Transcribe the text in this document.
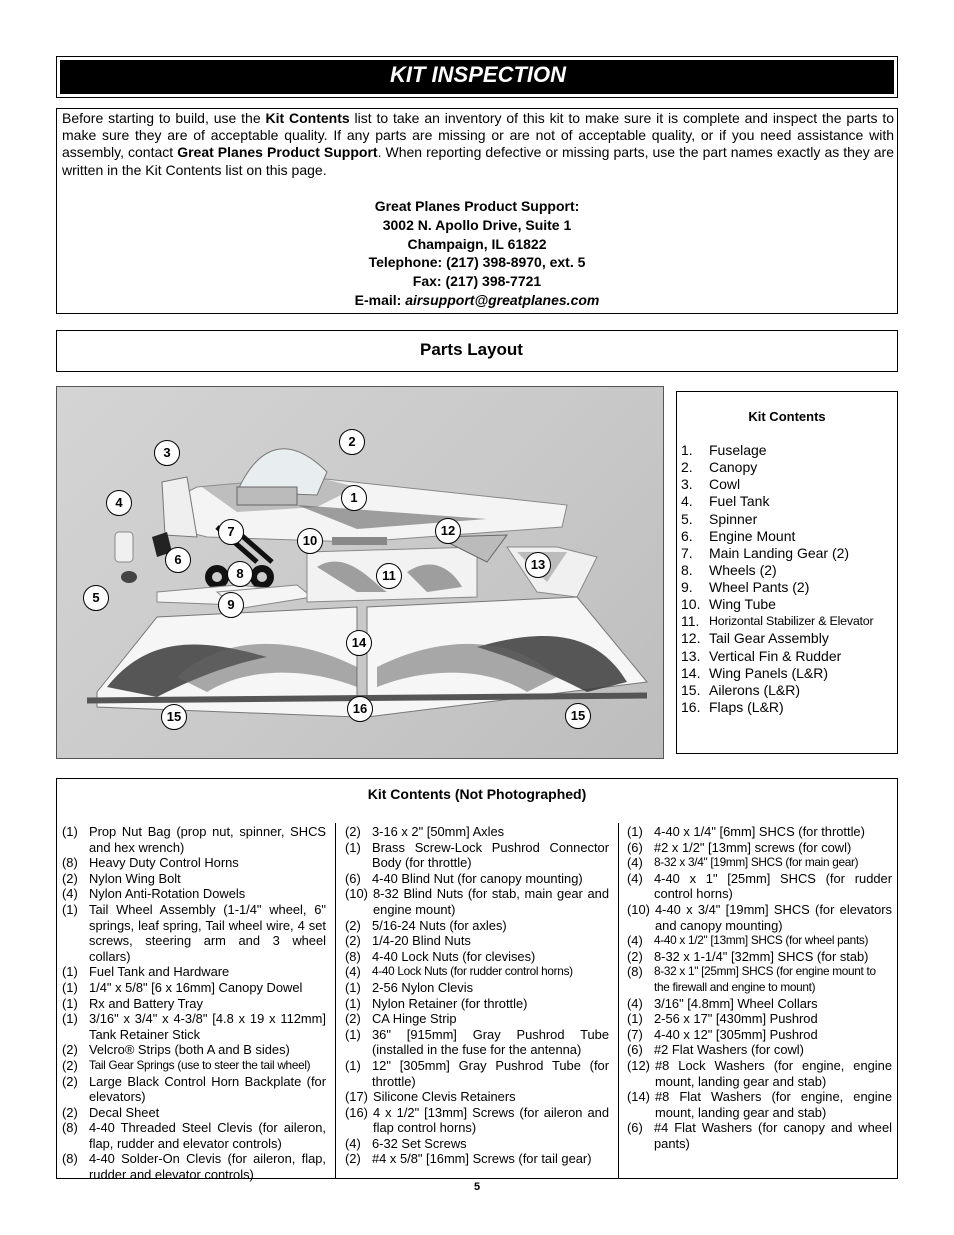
KIT INSPECTION
Before starting to build, use the Kit Contents list to take an inventory of this kit to make sure it is complete and inspect the parts to make sure they are of acceptable quality. If any parts are missing or are not of acceptable quality, or if you need assistance with assembly, contact Great Planes Product Support. When reporting defective or missing parts, use the part names exactly as they are written in the Kit Contents list on this page.
Great Planes Product Support:
3002 N. Apollo Drive, Suite 1
Champaign, IL 61822
Telephone: (217) 398-8970, ext. 5
Fax: (217) 398-7721
E-mail: airsupport@greatplanes.com
Parts Layout
2
3
1
4
7	12
10
6	13
8	11
5	9
14
16
15	15
Kit Contents
1. Fuselage
2. Canopy
3. Cowl
4. Fuel Tank
5. Spinner
6. Engine Mount
7. Main Landing Gear (2)
8. Wheels (2)
9. Wheel Pants (2)
10. Wing Tube
11. Horizontal Stabilizer & Elevator
12. Tail Gear Assembly
13. Vertical Fin & Rudder
14. Wing Panels (L&R)
15. Ailerons (L&R)
16. Flaps (L&R)
Kit Contents (Not Photographed)
(1) Prop Nut Bag (prop nut, spinner, SHCS and hex wrench)
(8) Heavy Duty Control Horns
(2) Nylon Wing Bolt
(4) Nylon Anti-Rotation Dowels
(1) Tail Wheel Assembly (1-1/4" wheel, 6" springs, leaf spring, Tail wheel wire, 4 set screws, steering arm and 3 wheel collars)
(1) Fuel Tank and Hardware
(1) 1/4" x 5/8" [6 x 16mm] Canopy Dowel
(1) Rx and Battery Tray
(1) 3/16" x 3/4" x 4-3/8" [4.8 x 19 x 112mm] Tank Retainer Stick
(2) Velcro® Strips (both A and B sides)
(2) Tail Gear Springs (use to steer the tail wheel)
(2) Large Black Control Horn Backplate (for elevators)
(2) Decal Sheet
(8) 4-40 Threaded Steel Clevis (for aileron, flap, rudder and elevator controls)
(8) 4-40 Solder-On Clevis (for aileron, flap, rudder and elevator controls)
(2) 3-16 x 2" [50mm] Axles
(1) Brass Screw-Lock Pushrod Connector Body (for throttle)
(6) 4-40 Blind Nut (for canopy mounting)
(10) 8-32 Blind Nuts (for stab, main gear and engine mount)
(2) 5/16-24 Nuts (for axles)
(2) 1/4-20 Blind Nuts
(8) 4-40 Lock Nuts (for clevises)
(4) 4-40 Lock Nuts (for rudder control horns)
(1) 2-56 Nylon Clevis
(1) Nylon Retainer (for throttle)
(2) CA Hinge Strip
(1) 36" [915mm] Gray Pushrod Tube (installed in the fuse for the antenna)
(1) 12" [305mm] Gray Pushrod Tube (for throttle)
(17) Silicone Clevis Retainers
(16) 4 x 1/2" [13mm] Screws (for aileron and flap control horns)
(4) 6-32 Set Screws
(2) #4 x 5/8" [16mm] Screws (for tail gear)
(1) 4-40 x 1/4" [6mm] SHCS (for throttle)
(6) #2 x 1/2" [13mm] screws (for cowl)
(4) 8-32 x 3/4" [19mm] SHCS (for main gear)
(4) 4-40 x 1" [25mm] SHCS (for rudder control horns)
(10) 4-40 x 3/4" [19mm] SHCS (for elevators and canopy mounting)
(4) 4-40 x 1/2" [13mm] SHCS (for wheel pants)
(2) 8-32 x 1-1/4" [32mm] SHCS (for stab)
(8) 8-32 x 1" [25mm] SHCS (for engine mount to the firewall and engine to mount)
(4) 3/16" [4.8mm] Wheel Collars
(1) 2-56 x 17" [430mm] Pushrod
(7) 4-40 x 12" [305mm] Pushrod
(6) #2 Flat Washers (for cowl)
(12) #8 Lock Washers (for engine, engine mount, landing gear and stab)
(14) #8 Flat Washers (for engine, engine mount, landing gear and stab)
(6) #4 Flat Washers (for canopy and wheel pants)
5
